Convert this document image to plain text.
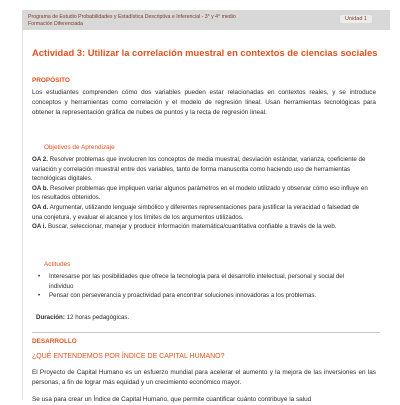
Programa de Estudio Probabilidades y Estadística Descriptiva e Inferencial - 3° y 4° medio
Formación Diferenciada
Unidad 1
Actividad 3: Utilizar la correlación muestral en contextos de ciencias sociales
PROPÓSITO
Los estudiantes comprenden cómo dos variables pueden estar relacionadas en contextos reales, y se introduce conceptos y herramientas como correlación y el modelo de regresión lineal. Usan herramientas tecnológicas para obtener la representación gráfica de nubes de puntos y la recta de regresión lineal.
Objetivos de Aprendizaje

OA 2. Resolver problemas que involucren los conceptos de media muestral, desviación estándar, varianza, coeficiente de variación y correlación muestral entre dos variables, tanto de forma manuscrita como haciendo uso de herramientas tecnológicas digitales.

OA b. Resolver problemas que impliquen variar algunos parámetros en el modelo utilizado y observar cómo eso influye en los resultados obtenidos.

OA d. Argumentar, utilizando lenguaje simbólico y diferentes representaciones para justificar la veracidad o falsedad de una conjetura, y evaluar el alcance y los límites de los argumentos utilizados.

OA i. Buscar, seleccionar, manejar y producir información matemática/cuantitativa confiable a través de la web.

Actitudes
• Interesarse por las posibilidades que ofrece la tecnología para el desarrollo intelectual, personal y social del individuo
• Pensar con perseverancia y proactividad para encontrar soluciones innovadoras a los problemas.
Duración: 12 horas pedagógicas.
DESARROLLO
¿QUÉ ENTENDEMOS POR ÍNDICE DE CAPITAL HUMANO?
El Proyecto de Capital Humano es un esfuerzo mundial para acelerar el aumento y la mejora de las inversiones en las personas, a fin de lograr más equidad y un crecimiento económico mayor.
Se usa para crear un Índice de Capital Humano, que permite cuantificar cuánto contribuye la salud
